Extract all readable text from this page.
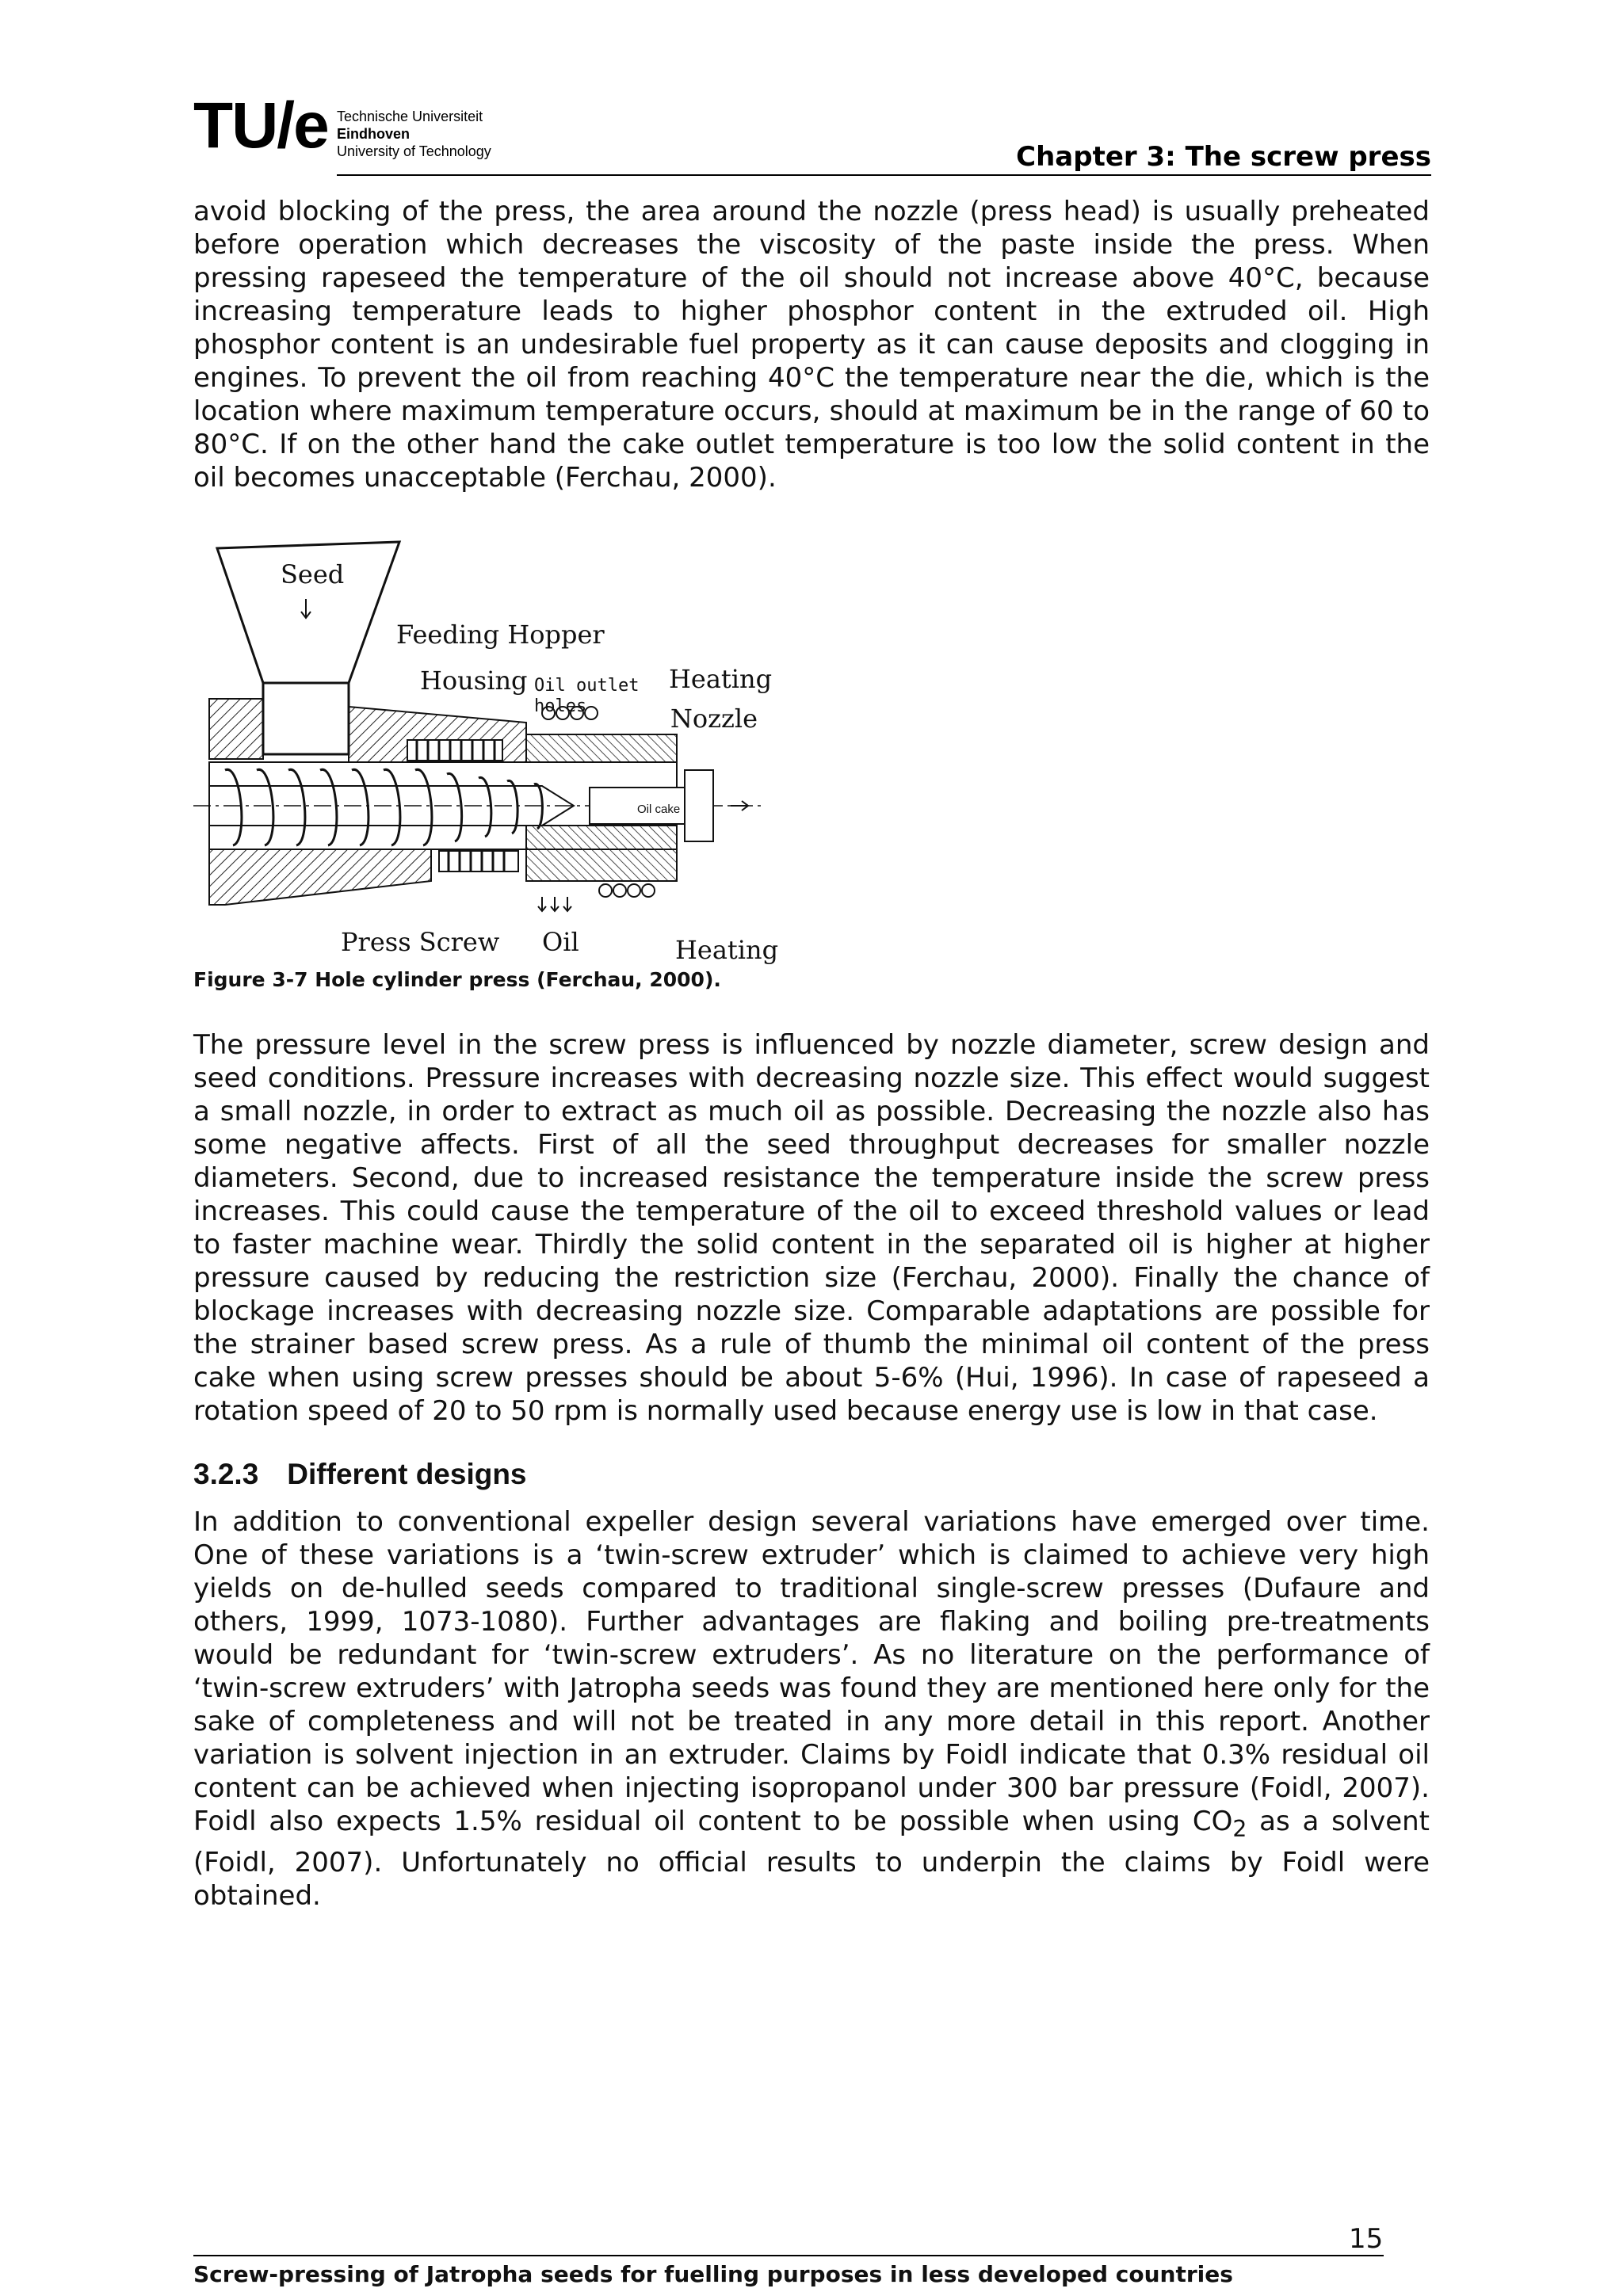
TU/e Technische Universiteit
Eindhoven
University of Technology	Chapter 3: The screw press

avoid blocking of the press, the area around the nozzle (press head) is usually preheated before operation which decreases the viscosity of the paste inside the press. When pressing rapeseed the temperature of the oil should not increase above 40°C, because increasing temperature leads to higher phosphor content in the extruded oil. High phosphor content is an undesirable fuel property as it can cause deposits and clogging in engines. To prevent the oil from reaching 40°C the temperature near the die, which is the location where maximum temperature occurs, should at maximum be in the range of 60 to 80°C. If on the other hand the cake outlet temperature is too low the solid content in the oil becomes unacceptable (Ferchau, 2000).

Oil cake
Seed
Feeding Hopper
Housing Oil outlet
holes
Heating
Nozzle
Press Screw Oil	Heating
Figure 3-7 Hole cylinder press (Ferchau, 2000).

The pressure level in the screw press is influenced by nozzle diameter, screw design and seed conditions. Pressure increases with decreasing nozzle size. This effect would suggest a small nozzle, in order to extract as much oil as possible. Decreasing the nozzle also has some negative affects. First of all the seed throughput decreases for smaller nozzle diameters. Second, due to increased resistance the temperature inside the screw press increases. This could cause the temperature of the oil to exceed threshold values or lead to faster machine wear. Thirdly the solid content in the separated oil is higher at higher pressure caused by reducing the restriction size (Ferchau, 2000). Finally the chance of blockage increases with decreasing nozzle size. Comparable adaptations are possible for the strainer based screw press. As a rule of thumb the minimal oil content of the press cake when using screw presses should be about 5-6% (Hui, 1996). In case of rapeseed a rotation speed of 20 to 50 rpm is normally used because energy use is low in that case.

3.2.3 Different designs

In addition to conventional expeller design several variations have emerged over time. One of these variations is a ‘twin-screw extruder’ which is claimed to achieve very high yields on de-hulled seeds compared to traditional single-screw presses (Dufaure and others, 1999, 1073-1080). Further advantages are flaking and boiling pre-treatments would be redundant for ‘twin-screw extruders’. As no literature on the performance of ‘twin-screw extruders’ with Jatropha seeds was found they are mentioned here only for the sake of completeness and will not be treated in any more detail in this report. Another variation is solvent injection in an extruder. Claims by Foidl indicate that 0.3% residual oil content can be achieved when injecting isopropanol under 300 bar pressure (Foidl, 2007). Foidl also expects 1.5% residual oil content to be possible when using $CO_2$ as a solvent (Foidl, 2007). Unfortunately no official results to underpin the claims by Foidl were obtained.

15
Screw-pressing of Jatropha seeds for fuelling purposes in less developed countries
